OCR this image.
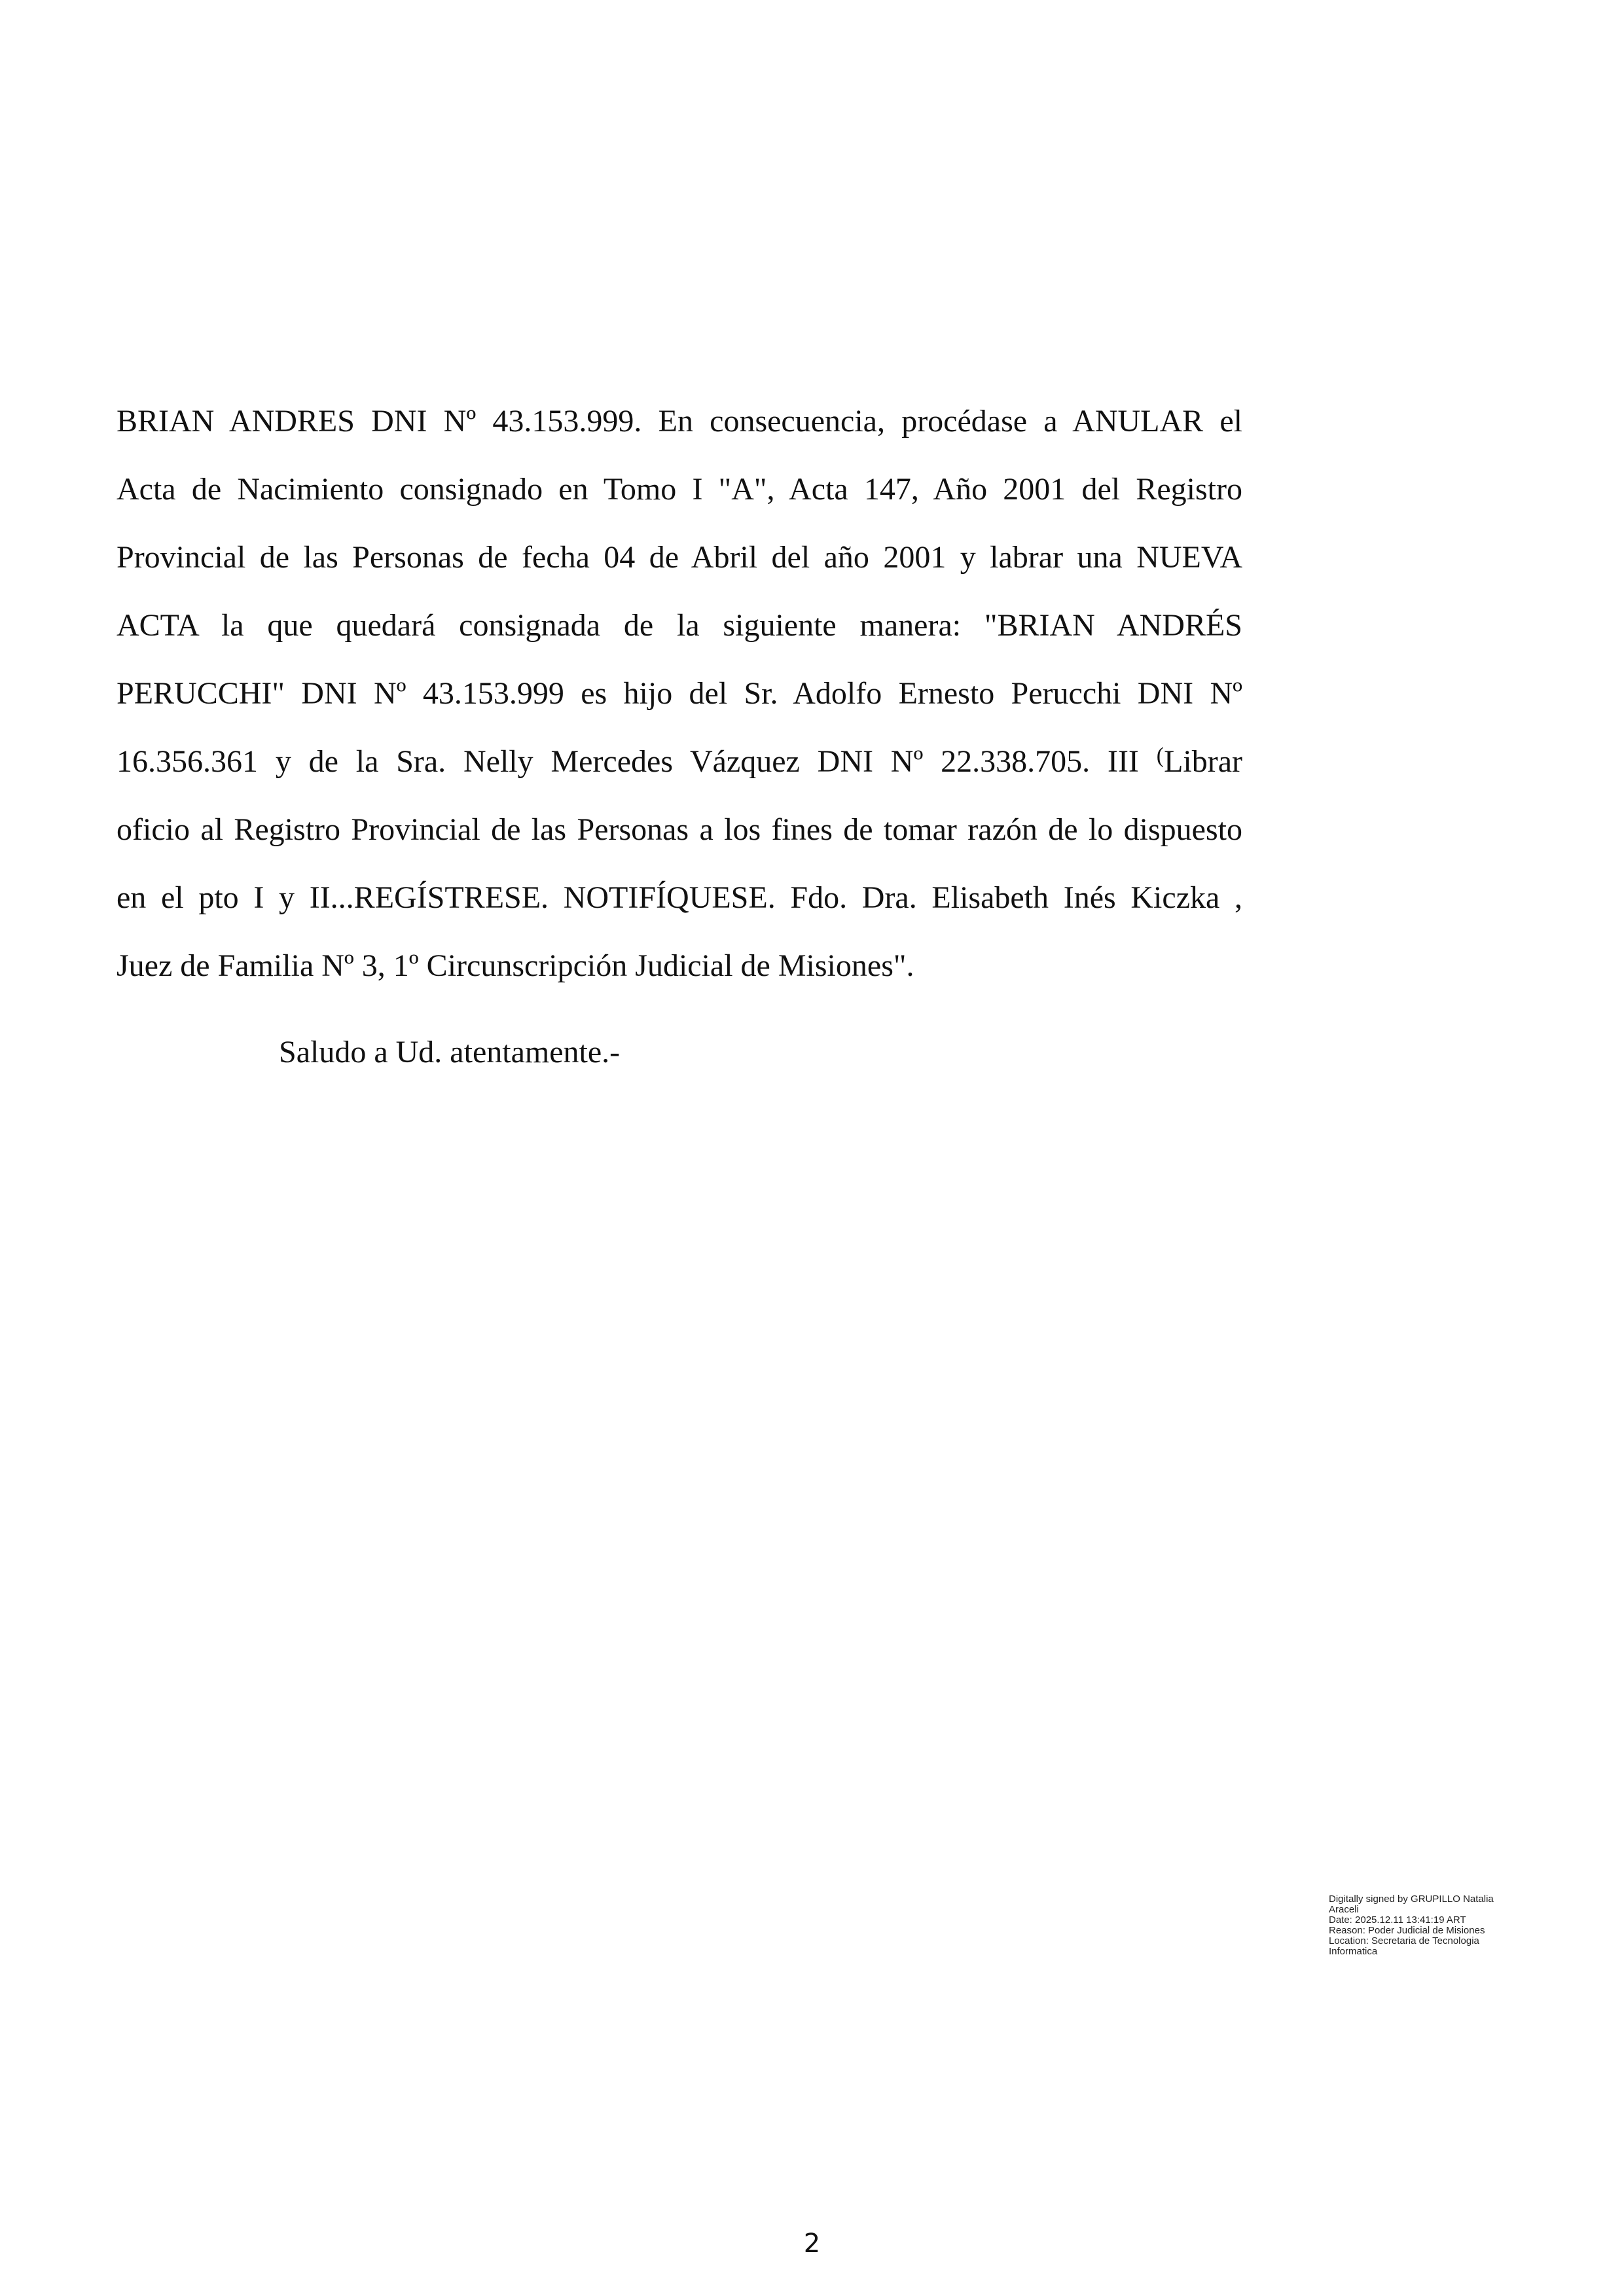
BRIAN ANDRES DNI Nº 43.153.999. En consecuencia, procédase a ANULAR el
Acta de Nacimiento consignado en Tomo I "A", Acta 147, Año 2001 del Registro
Provincial de las Personas de fecha 04 de Abril del año 2001 y labrar una NUEVA
ACTA la que quedará consignada de la siguiente manera: "BRIAN ANDRÉS
PERUCCHI" DNI Nº 43.153.999 es hijo del Sr. Adolfo Ernesto Perucchi DNI Nº
16.356.361 y de la Sra. Nelly Mercedes Vázquez DNI Nº 22.338.705. III (Librar
oficio al Registro Provincial de las Personas a los fines de tomar razón de lo dispuesto
en el pto I y II...REGÍSTRESE. NOTIFÍQUESE. Fdo. Dra. Elisabeth Inés Kiczka ,
Juez de Familia Nº 3, 1º Circunscripción Judicial de Misiones".

Saludo a Ud. atentamente.-

Digitally signed by GRUPILLO Natalia
Araceli
Date: 2025.12.11 13:41:19 ART
Reason: Poder Judicial de Misiones
Location: Secretaria de Tecnologia
Informatica
2
